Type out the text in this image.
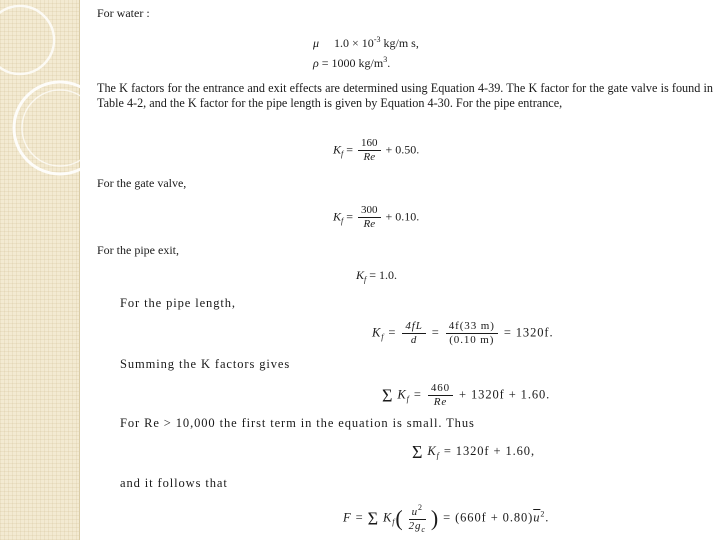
For water :
μ $1.0 \times 10^{-3}$ kg/m s,
ρ = 1000 $kg/m^3$.
The K factors for the entrance and exit effects are determined using Equation 4-39. The K factor for the gate valve is found in Table 4-2, and the K factor for the pipe length is given by Equation 4-30. For the pipe entrance,
$K_f = \frac{160}{Re} + 0.50$.
For the gate valve,
$K_f = \frac{300}{Re} + 0.10$.
For the pipe exit,
$K_f = 1.0$.
For the pipe length,
$K_f = \frac{4fL}{d} = \frac{4f(33 m)}{(0.10 m)} = 1320f$.
Summing the K factors gives
Σ $K_f = \frac{460}{Re} + 1320f + 1.60$.
For Re > 10,000 the first term in the equation is small. Thus
Σ $K_f = 1320f + 1.60$,
and it follows that
F = Σ $K_f( \frac{u^2}{2g_c}$ ) = $(660f + 0.80)\overline{u}^2$.
